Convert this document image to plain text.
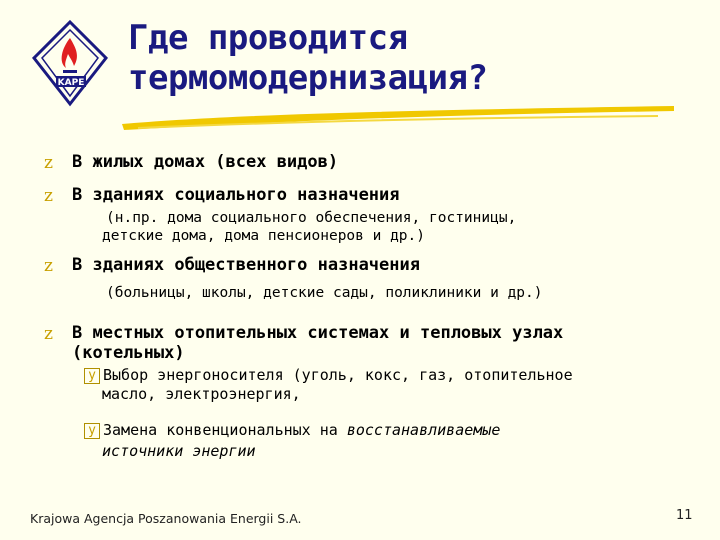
KAPE
Где проводится
термомодернизация?
z В жилых домах (всех видов)
z В зданиях социального назначения
(н.пр. дома социального обеспечения, гостиницы,
детские дома, дома пенсионеров и др.)
z В зданиях общественного назначения
(больницы, школы, детские сады, поликлиники и др.)
z В местных отопительных системах и тепловых узлах
(котельных)
y Выбор энергоносителя (уголь, кокс, газ, отопительное
масло, электроэнергия,
y Замена конвенциональных на восстанавливаемые
источники энергии
Krajowa Agencja Poszanowania Energii S.A.	11
